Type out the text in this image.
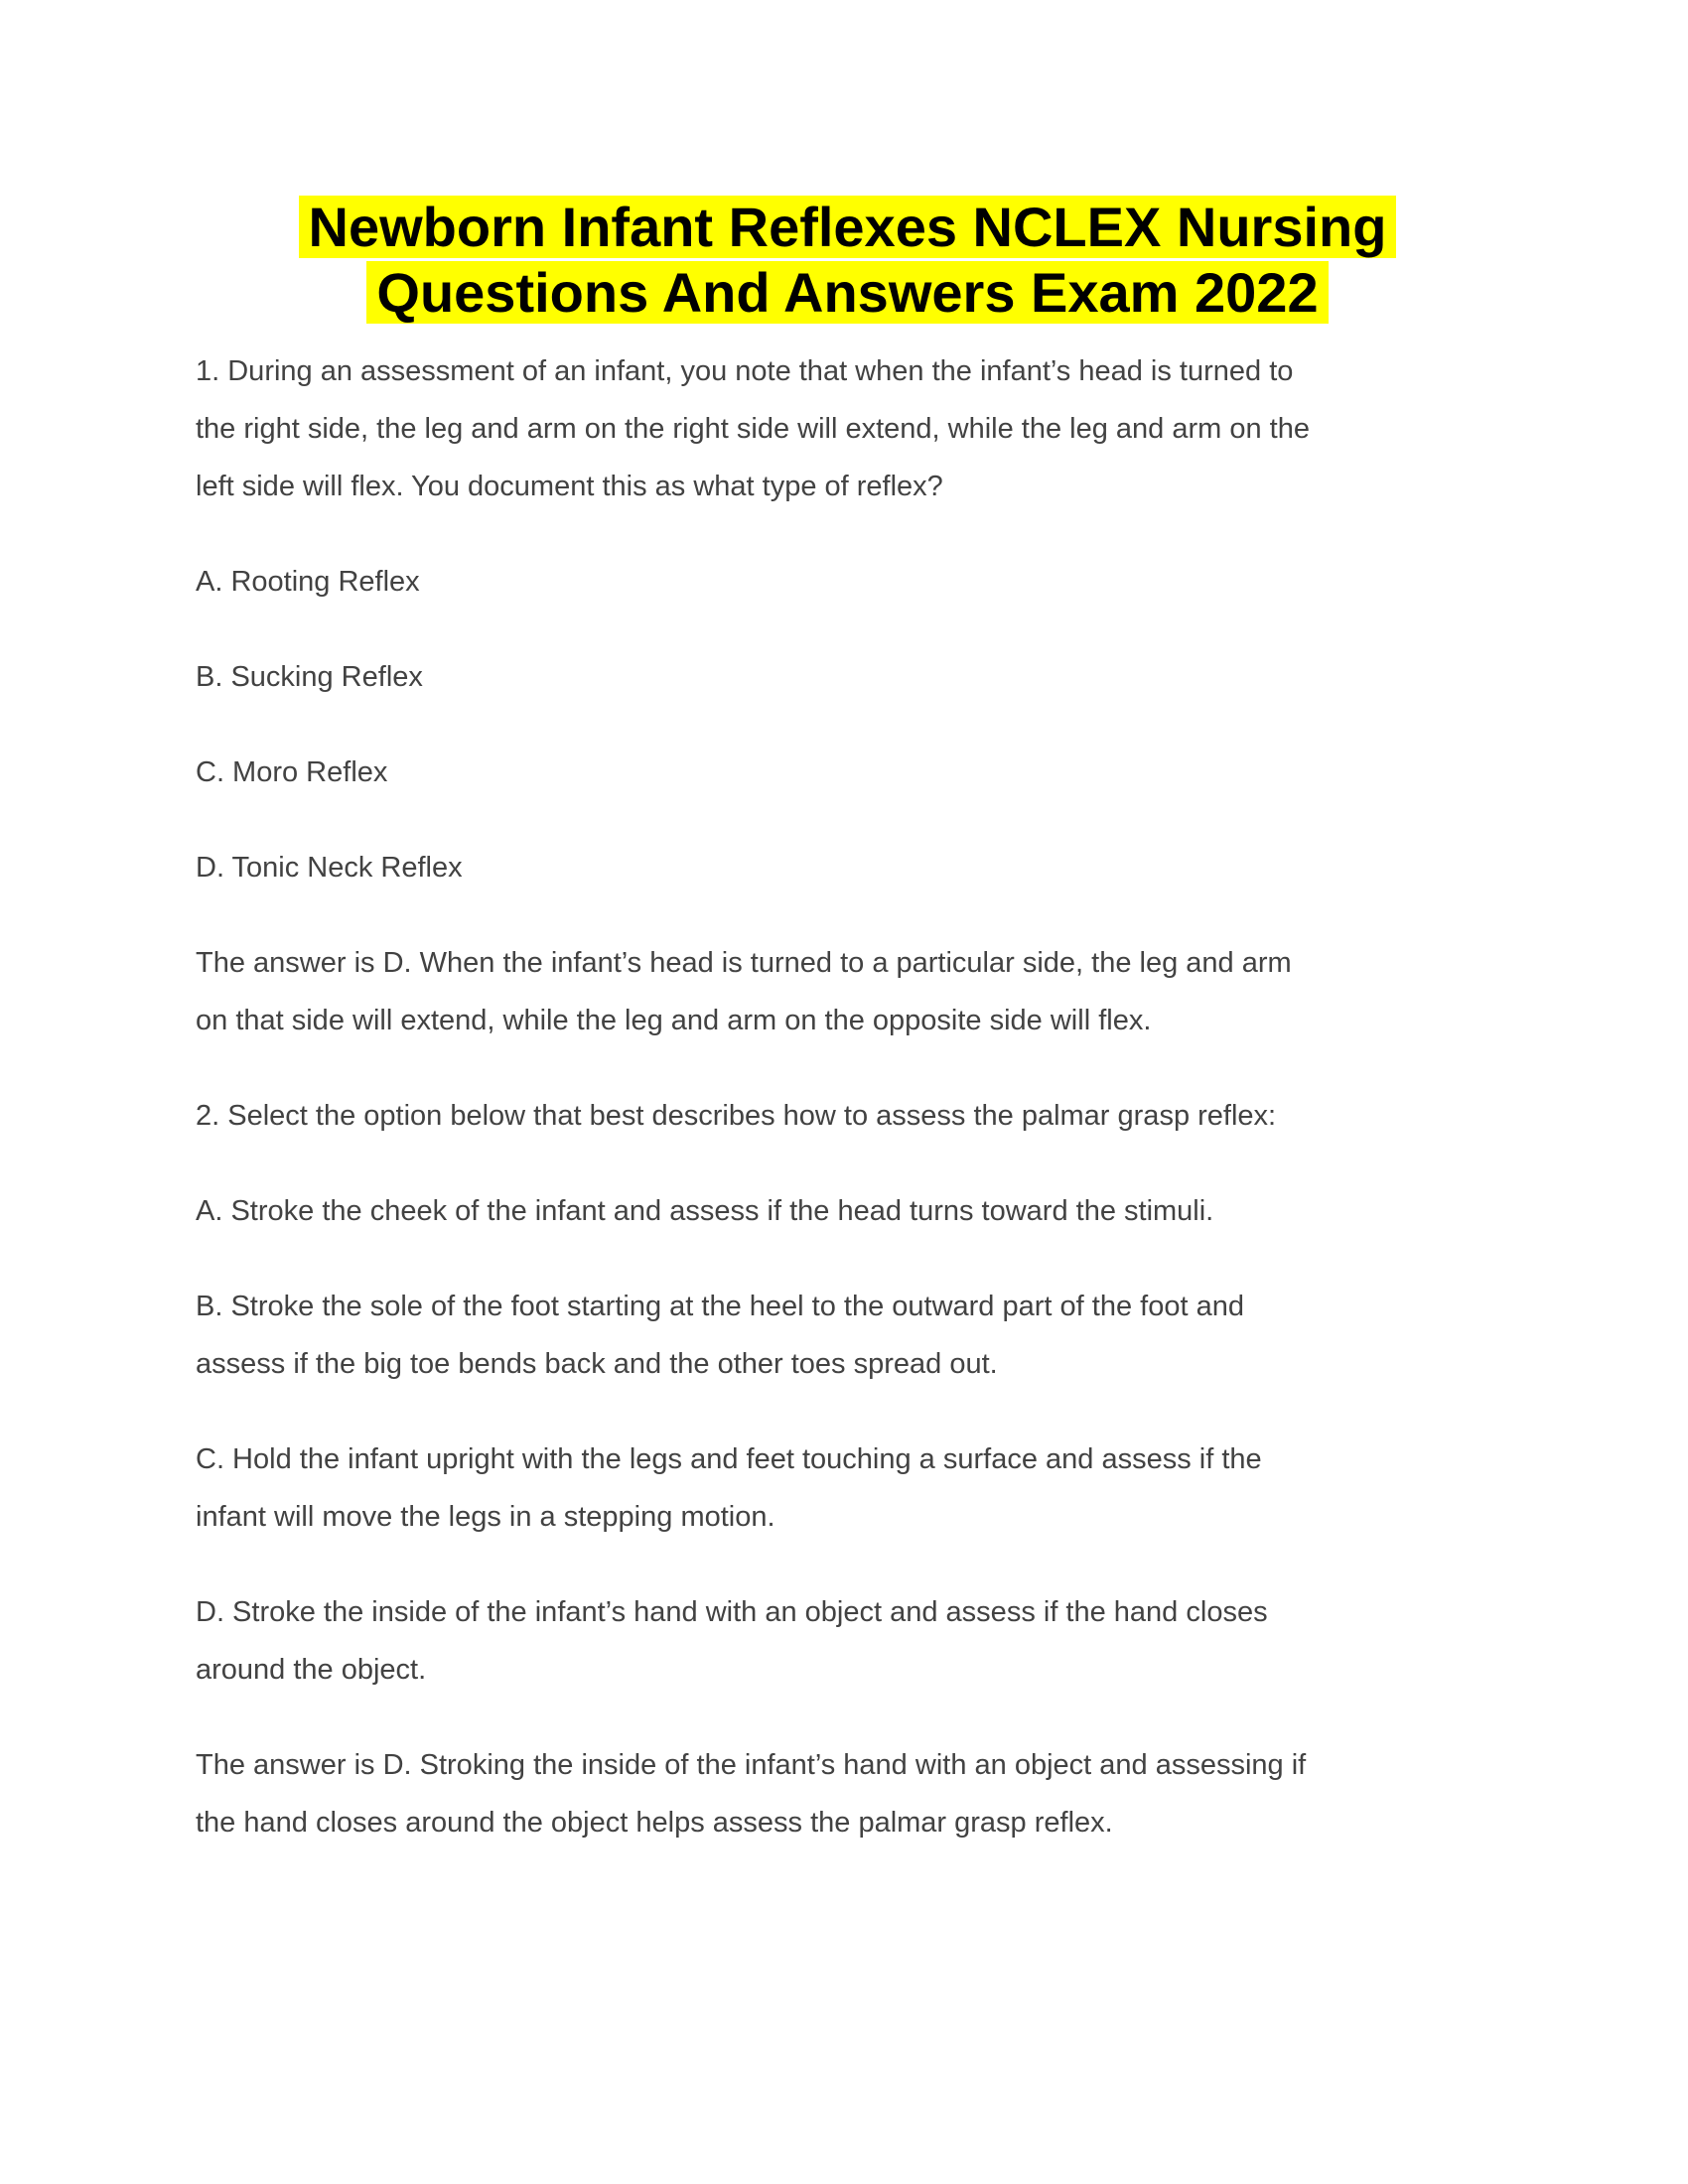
Newborn Infant Reflexes NCLEX Nursing
Questions And Answers Exam 2022

1. During an assessment of an infant, you note that when the infant’s head is turned to
the right side, the leg and arm on the right side will extend, while the leg and arm on the
left side will flex. You document this as what type of reflex?

A. Rooting Reflex

B. Sucking Reflex

C. Moro Reflex

D. Tonic Neck Reflex

The answer is D. When the infant’s head is turned to a particular side, the leg and arm
on that side will extend, while the leg and arm on the opposite side will flex.

2. Select the option below that best describes how to assess the palmar grasp reflex:

A. Stroke the cheek of the infant and assess if the head turns toward the stimuli.

B. Stroke the sole of the foot starting at the heel to the outward part of the foot and
assess if the big toe bends back and the other toes spread out.

C. Hold the infant upright with the legs and feet touching a surface and assess if the
infant will move the legs in a stepping motion.

D. Stroke the inside of the infant’s hand with an object and assess if the hand closes
around the object.

The answer is D. Stroking the inside of the infant’s hand with an object and assessing if
the hand closes around the object helps assess the palmar grasp reflex.
